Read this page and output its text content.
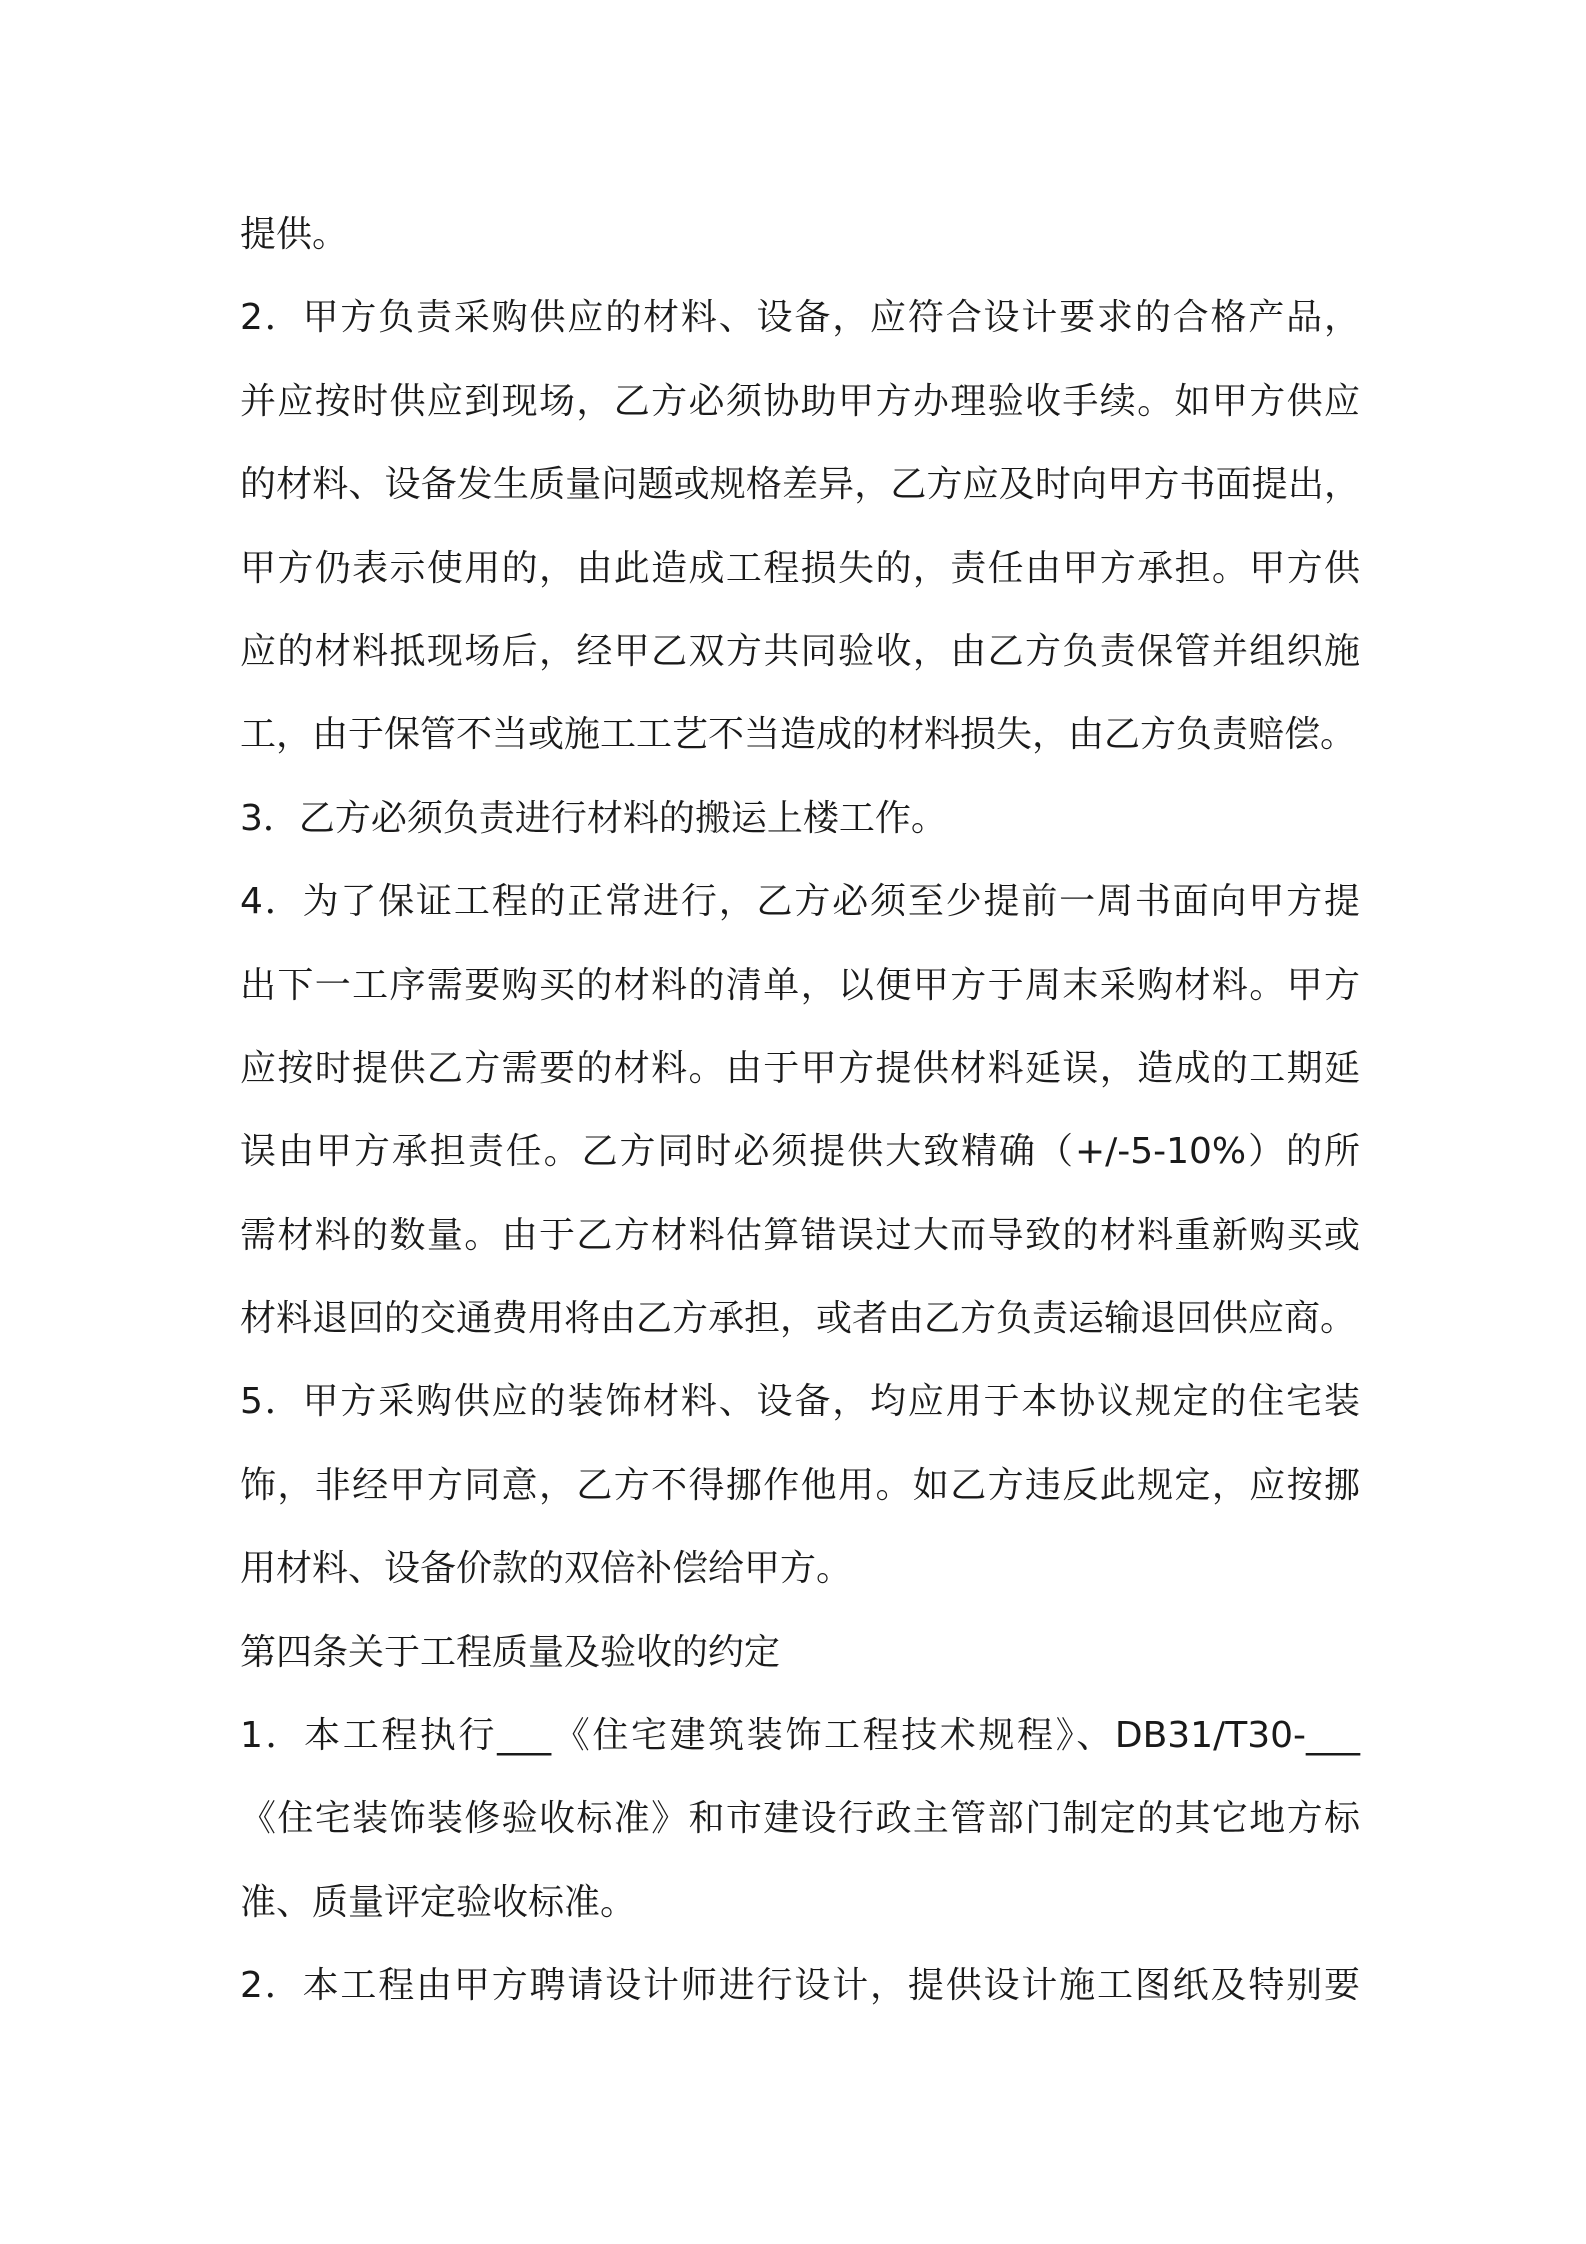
提供。
2．甲方负责采购供应的材料、设备，应符合设计要求的合格产品，
并应按时供应到现场，乙方必须协助甲方办理验收手续。如甲方供应
的材料、设备发生质量问题或规格差异，乙方应及时向甲方书面提出，
甲方仍表示使用的，由此造成工程损失的，责任由甲方承担。甲方供
应的材料抵现场后，经甲乙双方共同验收，由乙方负责保管并组织施
工，由于保管不当或施工工艺不当造成的材料损失，由乙方负责赔偿。
3．乙方必须负责进行材料的搬运上楼工作。
4．为了保证工程的正常进行，乙方必须至少提前一周书面向甲方提
出下一工序需要购买的材料的清单，以便甲方于周末采购材料。甲方
应按时提供乙方需要的材料。由于甲方提供材料延误，造成的工期延
误由甲方承担责任。乙方同时必须提供大致精确（+/-5-10%）的所
需材料的数量。由于乙方材料估算错误过大而导致的材料重新购买或
材料退回的交通费用将由乙方承担，或者由乙方负责运输退回供应商。
5．甲方采购供应的装饰材料、设备，均应用于本协议规定的住宅装
饰，非经甲方同意，乙方不得挪作他用。如乙方违反此规定，应按挪
用材料、设备价款的双倍补偿给甲方。
第四条关于工程质量及验收的约定
1．本工程执行___《住宅建筑装饰工程技术规程》、DB31/T30-___
《住宅装饰装修验收标准》和市建设行政主管部门制定的其它地方标
准、质量评定验收标准。
2．本工程由甲方聘请设计师进行设计，提供设计施工图纸及特别要
